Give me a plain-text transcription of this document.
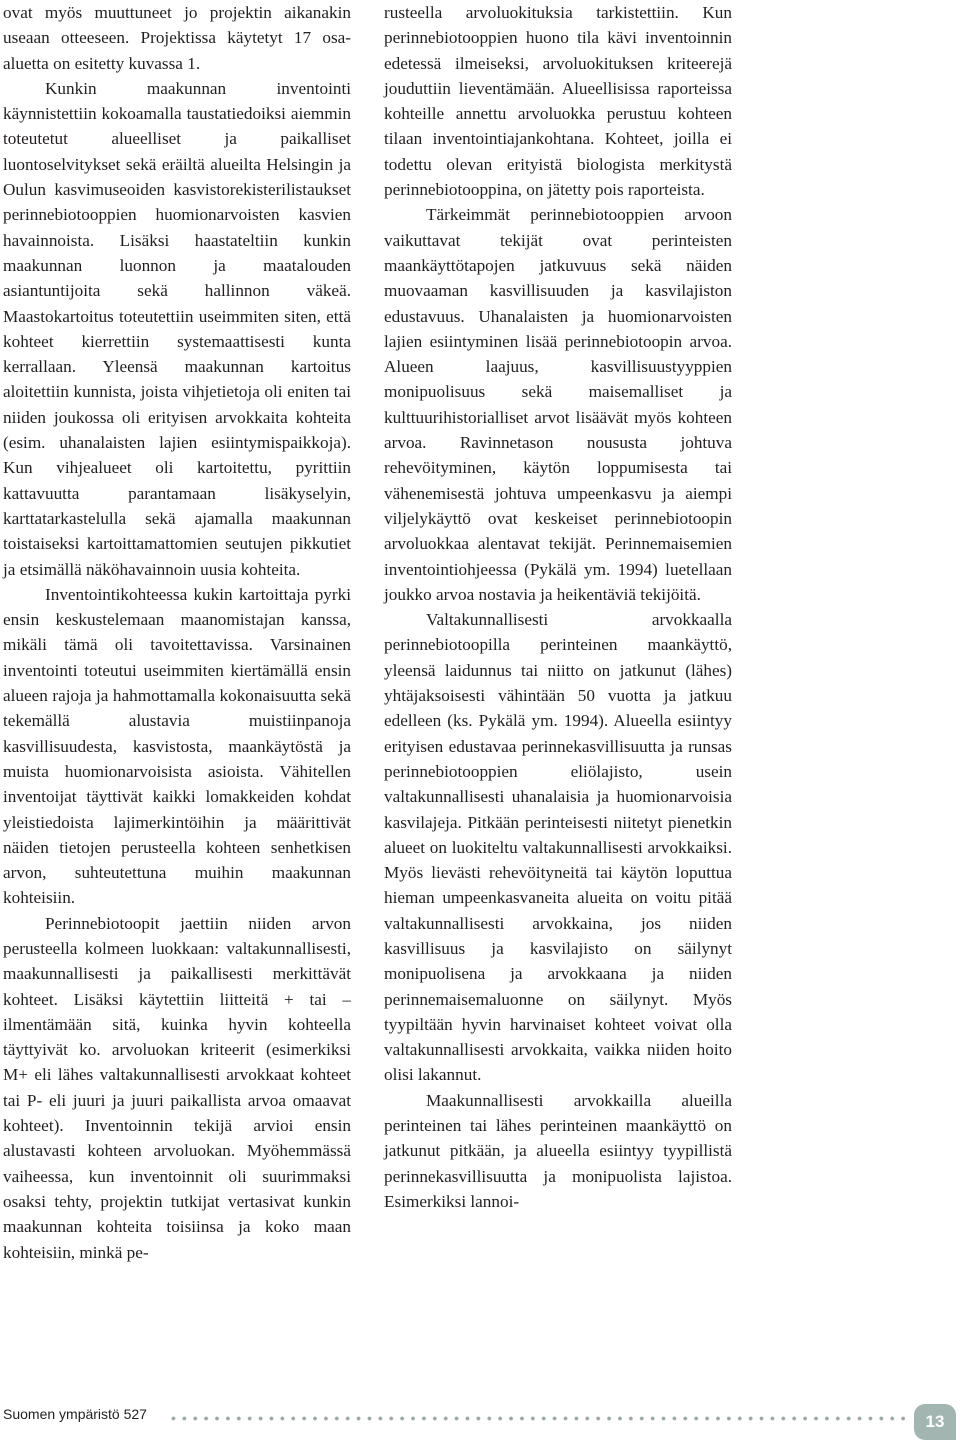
ovat myös muuttuneet jo projektin aikanakin useaan otteeseen. Projektissa käytetyt 17 osa-aluetta on esitetty kuvassa 1.

Kunkin maakunnan inventointi käynnistettiin kokoamalla taustatiedoiksi aiemmin toteutetut alueelliset ja paikalliset luontoselvitykset sekä eräiltä alueilta Helsingin ja Oulun kasvimuseoiden kasvistorekisterilistaukset perinnebiotooppien huomionarvoisten kasvien havainnoista. Lisäksi haastateltiin kunkin maakunnan luonnon ja maatalouden asiantuntijoita sekä hallinnon väkeä. Maastokartoitus toteutettiin useimmiten siten, että kohteet kierrettiin systemaattisesti kunta kerrallaan. Yleensä maakunnan kartoitus aloitettiin kunnista, joista vihjetietoja oli eniten tai niiden joukossa oli erityisen arvokkaita kohteita (esim. uhanalaisten lajien esiintymispaikkoja). Kun vihjealueet oli kartoitettu, pyrittiin kattavuutta parantamaan lisäkyselyin, karttatarkastelulla sekä ajamalla maakunnan toistaiseksi kartoittamattomien seutujen pikkutiet ja etsimällä näköhavainnoin uusia kohteita.

Inventointikohteessa kukin kartoittaja pyrki ensin keskustelemaan maanomistajan kanssa, mikäli tämä oli tavoitettavissa. Varsinainen inventointi toteutui useimmiten kiertämällä ensin alueen rajoja ja hahmottamalla kokonaisuutta sekä tekemällä alustavia muistiinpanoja kasvillisuudesta, kasvistosta, maankäytöstä ja muista huomionarvoisista asioista. Vähitellen inventoijat täyttivät kaikki lomakkeiden kohdat yleistiedoista lajimerkintöihin ja määrittivät näiden tietojen perusteella kohteen senhetkisen arvon, suhteutettuna muihin maakunnan kohteisiin.

Perinnebiotoopit jaettiin niiden arvon perusteella kolmeen luokkaan: valtakunnallisesti, maakunnallisesti ja paikallisesti merkittävät kohteet. Lisäksi käytettiin liitteitä + tai – ilmentämään sitä, kuinka hyvin kohteella täyttyivät ko. arvoluokan kriteerit (esimerkiksi M+ eli lähes valtakunnallisesti arvokkaat kohteet tai P- eli juuri ja juuri paikallista arvoa omaavat kohteet). Inventoinnin tekijä arvioi ensin alustavasti kohteen arvoluokan. Myöhemmässä vaiheessa, kun inventoinnit oli suurimmaksi osaksi tehty, projektin tutkijat vertasivat kunkin maakunnan kohteita toisiinsa ja koko maan kohteisiin, minkä pe-

rusteella arvoluokituksia tarkistettiin. Kun perinnebiotooppien huono tila kävi inventoinnin edetessä ilmeiseksi, arvoluokituksen kriteerejä jouduttiin lieventämään. Alueellisissa raporteissa kohteille annettu arvoluokka perustuu kohteen tilaan inventointiajankohtana. Kohteet, joilla ei todettu olevan erityistä biologista merkitystä perinnebiotooppina, on jätetty pois raporteista.

Tärkeimmät perinnebiotooppien arvoon vaikuttavat tekijät ovat perinteisten maankäyttötapojen jatkuvuus sekä näiden muovaaman kasvillisuuden ja kasvilajiston edustavuus. Uhanalaisten ja huomionarvoisten lajien esiintyminen lisää perinnebiotoopin arvoa. Alueen laajuus, kasvillisuustyyppien monipuolisuus sekä maisemalliset ja kulttuurihistorialliset arvot lisäävät myös kohteen arvoa. Ravinnetason noususta johtuva rehevöityminen, käytön loppumisesta tai vähenemisestä johtuva umpeenkasvu ja aiempi viljelykäyttö ovat keskeiset perinnebiotoopin arvoluokkaa alentavat tekijät. Perinnemaisemien inventointiohjeessa (Pykälä ym. 1994) luetellaan joukko arvoa nostavia ja heikentäviä tekijöitä.

Valtakunnallisesti arvokkaalla perinnebiotoopilla perinteinen maankäyttö, yleensä laidunnus tai niitto on jatkunut (lähes) yhtäjaksoisesti vähintään 50 vuotta ja jatkuu edelleen (ks. Pykälä ym. 1994). Alueella esiintyy erityisen edustavaa perinnekasvillisuutta ja runsas perinnebiotooppien eliölajisto, usein valtakunnallisesti uhanalaisia ja huomionarvoisia kasvilajeja. Pitkään perinteisesti niitetyt pienetkin alueet on luokiteltu valtakunnallisesti arvokkaiksi. Myös lievästi rehevöityneitä tai käytön loputtua hieman umpeenkasvaneita alueita on voitu pitää valtakunnallisesti arvokkaina, jos niiden kasvillisuus ja kasvilajisto on säilynyt monipuolisena ja arvokkaana ja niiden perinnemaisemaluonne on säilynyt. Myös tyypiltään hyvin harvinaiset kohteet voivat olla valtakunnallisesti arvokkaita, vaikka niiden hoito olisi lakannut.

Maakunnallisesti arvokkailla alueilla perinteinen tai lähes perinteinen maankäyttö on jatkunut pitkään, ja alueella esiintyy tyypillistä perinnekasvillisuutta ja monipuolista lajistoa. Esimerkiksi lannoi-

Suomen ympäristö 527	13
